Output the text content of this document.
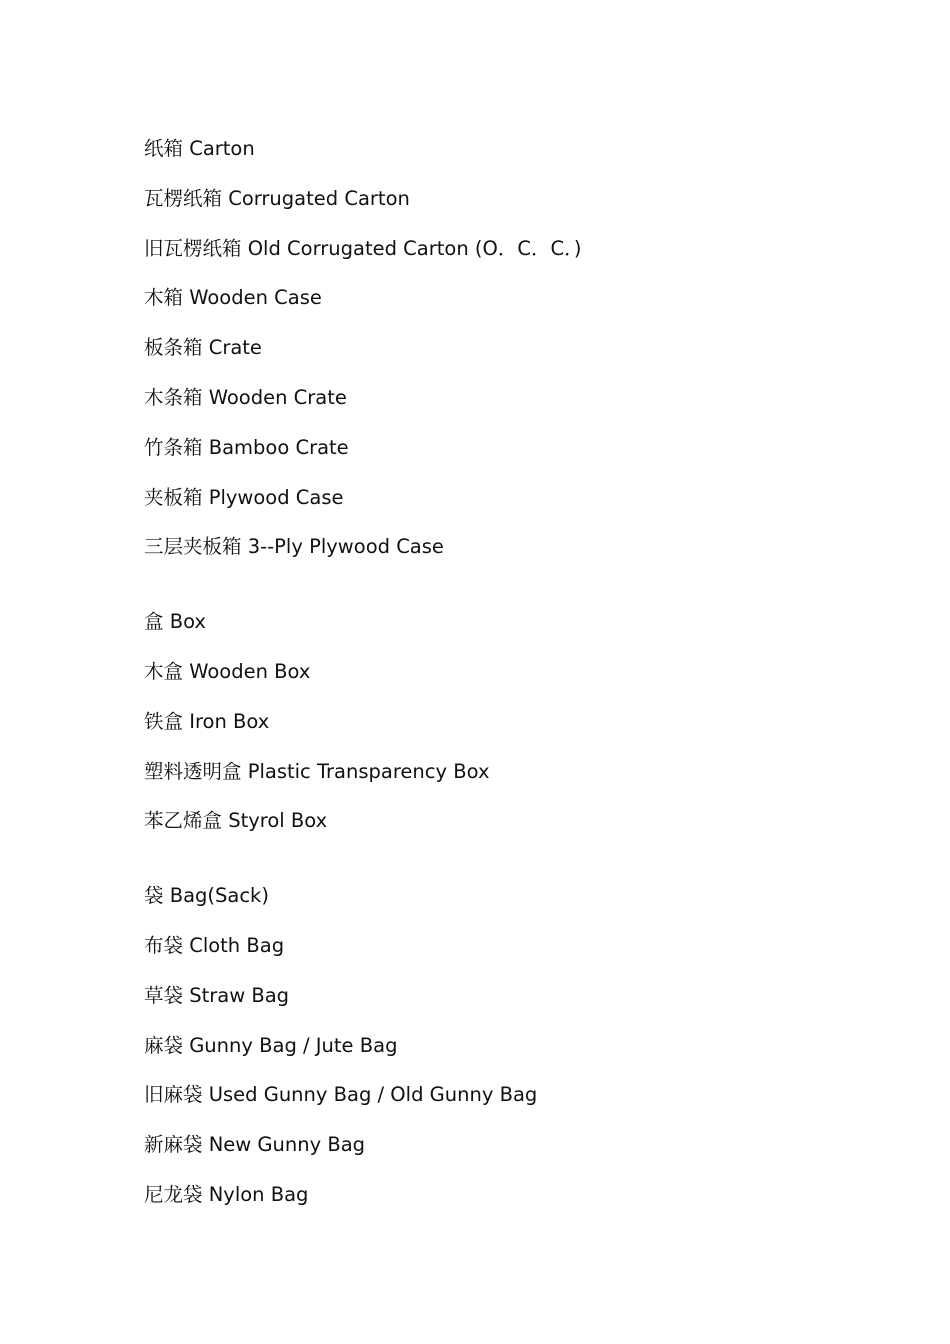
纸箱 Carton
瓦楞纸箱 Corrugated Carton
旧瓦楞纸箱 Old Corrugated Carton (O．C．C．)
木箱 Wooden Case
板条箱 Crate
木条箱 Wooden Crate
竹条箱 Bamboo Crate
夹板箱 Plywood Case
三层夹板箱 3--Ply Plywood Case
盒 Box
木盒 Wooden Box
铁盒 Iron Box
塑料透明盒 Plastic Transparency Box
苯乙烯盒 Styrol Box
袋 Bag(Sack)
布袋 Cloth Bag
草袋 Straw Bag
麻袋 Gunny Bag / Jute Bag
旧麻袋 Used Gunny Bag / Old Gunny Bag
新麻袋 New Gunny Bag
尼龙袋 Nylon Bag
